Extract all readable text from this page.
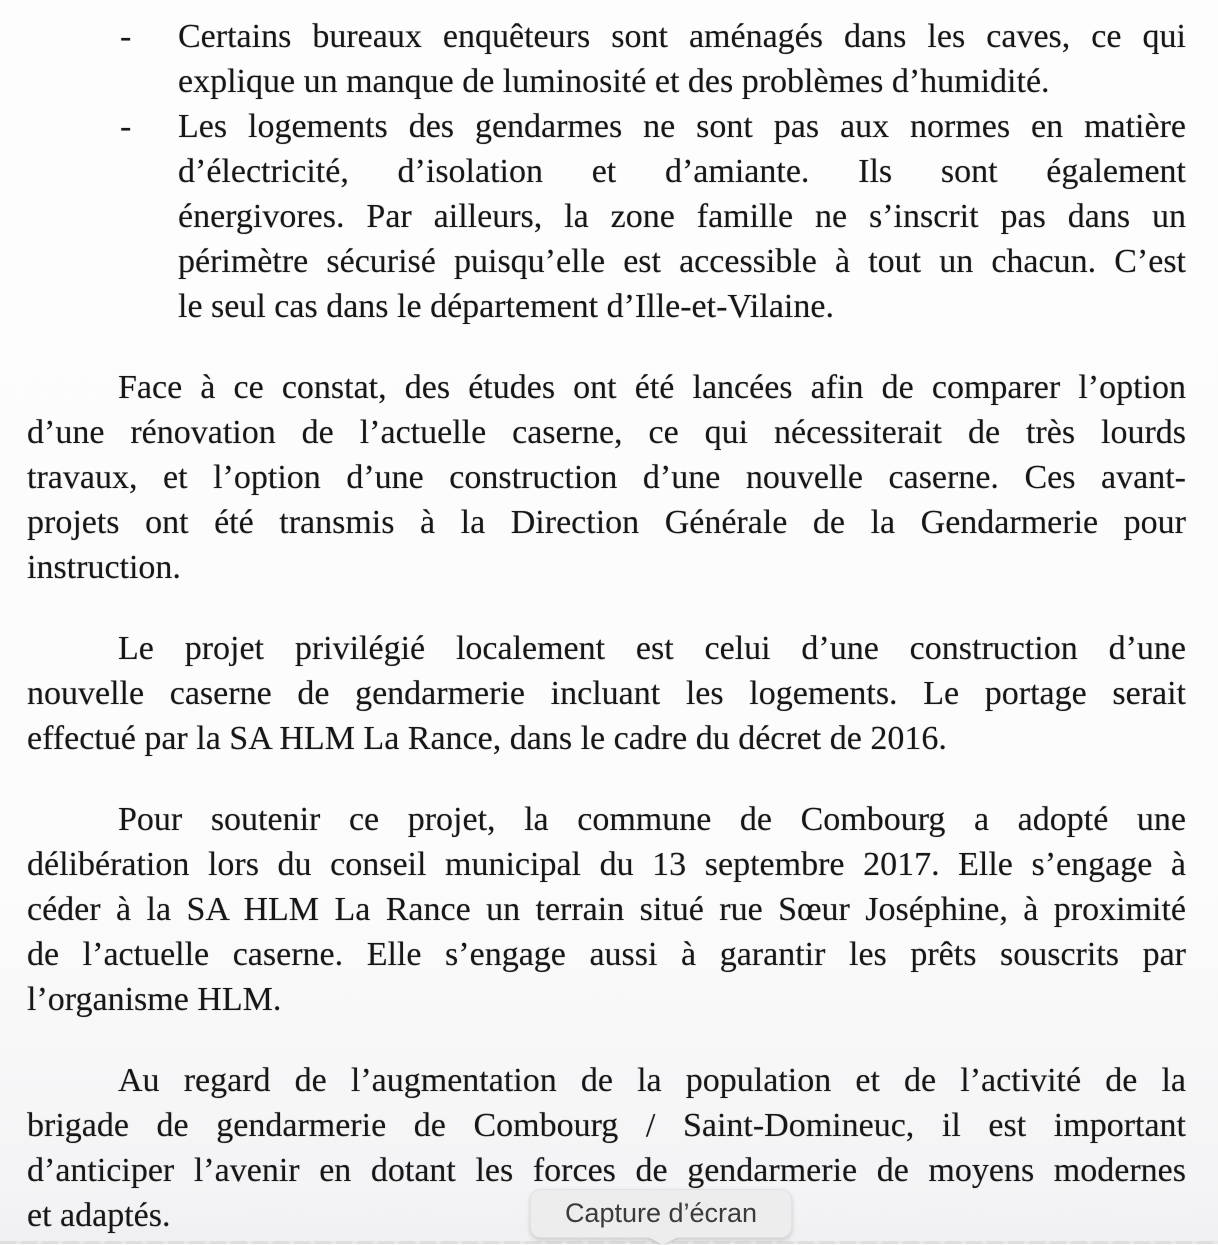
-	Certains bureaux enquêteurs sont aménagés dans les caves, ce qui
explique un manque de luminosité et des problèmes d’humidité.
-	Les logements des gendarmes ne sont pas aux normes en matière
d’électricité, d’isolation et d’amiante. Ils sont également
énergivores. Par ailleurs, la zone famille ne s’inscrit pas dans un
périmètre sécurisé puisqu’elle est accessible à tout un chacun. C’est
le seul cas dans le département d’Ille-et-Vilaine.
Face à ce constat, des études ont été lancées afin de comparer l’option
d’une rénovation de l’actuelle caserne, ce qui nécessiterait de très lourds
travaux, et l’option d’une construction d’une nouvelle caserne. Ces avant-
projets ont été transmis à la Direction Générale de la Gendarmerie pour
instruction.
Le projet privilégié localement est celui d’une construction d’une
nouvelle caserne de gendarmerie incluant les logements. Le portage serait
effectué par la SA HLM La Rance, dans le cadre du décret de 2016.
Pour soutenir ce projet, la commune de Combourg a adopté une
délibération lors du conseil municipal du 13 septembre 2017. Elle s’engage à
céder à la SA HLM La Rance un terrain situé rue Sœur Joséphine, à proximité
de l’actuelle caserne. Elle s’engage aussi à garantir les prêts souscrits par
l’organisme HLM.
Au regard de l’augmentation de la population et de l’activité de la
brigade de gendarmerie de Combourg / Saint-Domineuc, il est important
d’anticiper l’avenir en dotant les forces de gendarmerie de moyens modernes
et adaptés.	Capture d’écran
